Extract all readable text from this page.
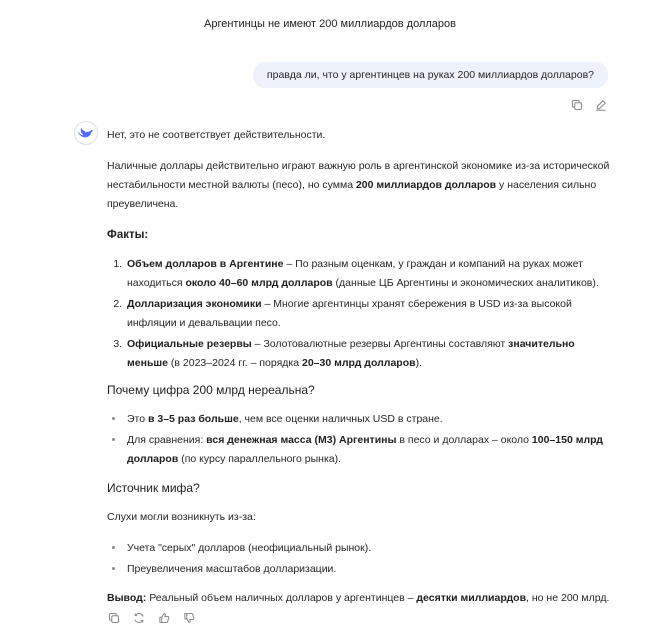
Аргентинцы не имеют 200 миллиардов долларов
правда ли, что у аргентинцев на руках 200 миллиардов долларов?

Нет, это не соответствует действительности.

Наличные доллары действительно играют важную роль в аргентинской экономике из-за исторической нестабильности местной валюты (песо), но сумма 200 миллиардов долларов у населения сильно преувеличена.

Факты:
1. Объем долларов в Аргентине – По разным оценкам, у граждан и компаний на руках может находиться около 40–60 млрд долларов (данные ЦБ Аргентины и экономических аналитиков).
2. Долларизация экономики – Многие аргентинцы хранят сбережения в USD из-за высокой инфляции и девальвации песо.
3. Официальные резервы – Золотовалютные резервы Аргентины составляют значительно меньше (в 2023–2024 гг. – порядка 20–30 млрд долларов).
Почему цифра 200 млрд нереальна?
• Это в 3–5 раз больше, чем все оценки наличных USD в стране.
• Для сравнения: вся денежная масса (M3) Аргентины в песо и долларах – около 100–150 млрд долларов (по курсу параллельного рынка).
Источник мифа?

Слухи могли возникнуть из-за:

• Учета "серых" долларов (неофициальный рынок).
• Преувеличения масштабов долларизации.

Вывод: Реальный объем наличных долларов у аргентинцев – десятки миллиардов, но не 200 млрд.
